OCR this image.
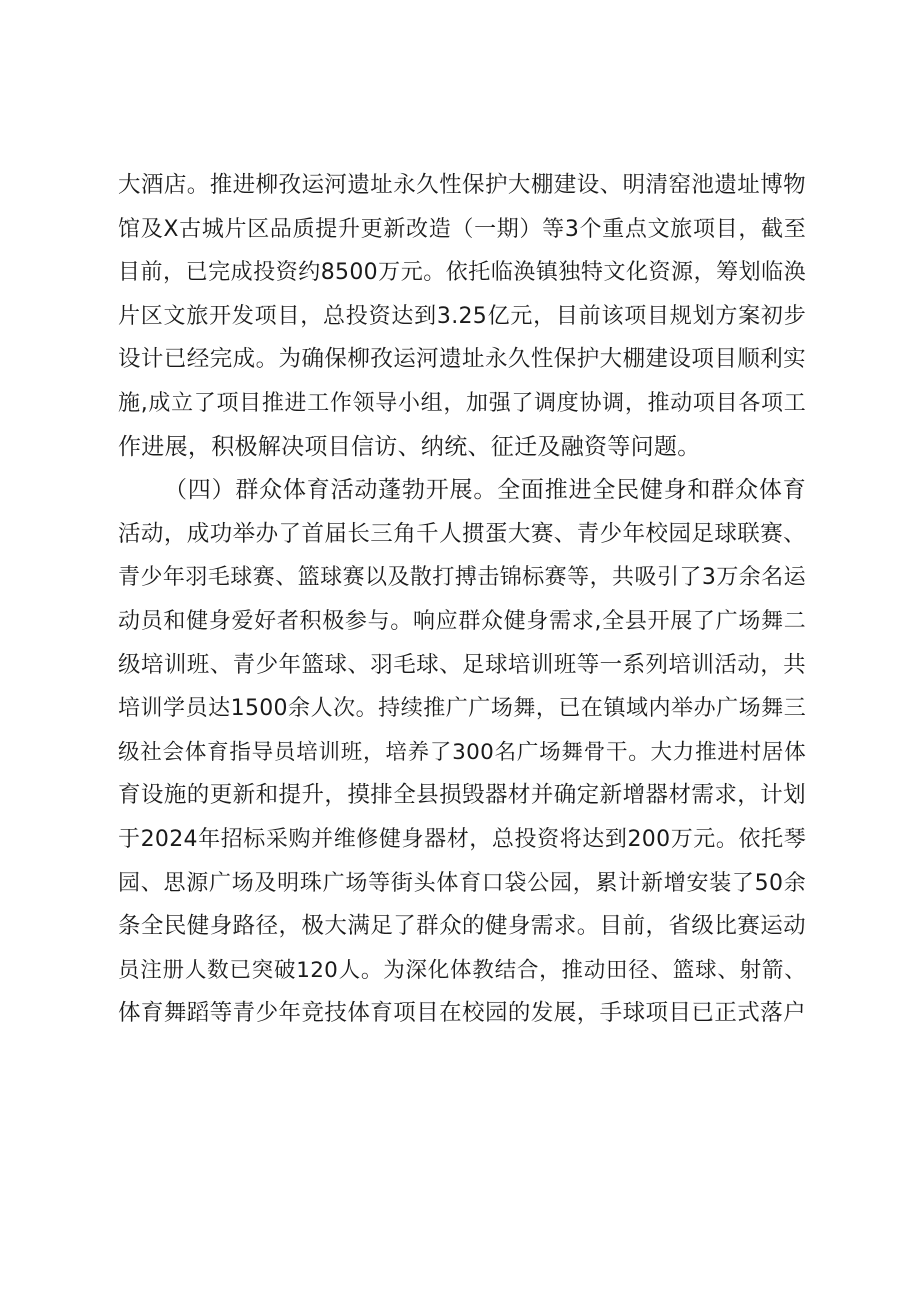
大酒店。推进柳孜运河遗址永久性保护大棚建设、明清窑池遗址博物
馆及X古城片区品质提升更新改造（一期）等3个重点文旅项目，截至
目前，已完成投资约8500万元。依托临涣镇独特文化资源，筹划临涣
片区文旅开发项目，总投资达到3.25亿元，目前该项目规划方案初步
设计已经完成。为确保柳孜运河遗址永久性保护大棚建设项目顺利实
施,成立了项目推进工作领导小组，加强了调度协调，推动项目各项工
作进展，积极解决项目信访、纳统、征迁及融资等问题。
（四）群众体育活动蓬勃开展。全面推进全民健身和群众体育
活动，成功举办了首届长三角千人掼蛋大赛、青少年校园足球联赛、
青少年羽毛球赛、篮球赛以及散打搏击锦标赛等，共吸引了3万余名运
动员和健身爱好者积极参与。响应群众健身需求,全县开展了广场舞二
级培训班、青少年篮球、羽毛球、足球培训班等一系列培训活动，共
培训学员达1500余人次。持续推广广场舞，已在镇域内举办广场舞三
级社会体育指导员培训班，培养了300名广场舞骨干。大力推进村居体
育设施的更新和提升，摸排全县损毁器材并确定新增器材需求，计划
于2024年招标采购并维修健身器材，总投资将达到200万元。依托琴
园、思源广场及明珠广场等街头体育口袋公园，累计新增安装了50余
条全民健身路径，极大满足了群众的健身需求。目前，省级比赛运动
员注册人数已突破120人。为深化体教结合，推动田径、篮球、射箭、
体育舞蹈等青少年竞技体育项目在校园的发展，手球项目已正式落户
